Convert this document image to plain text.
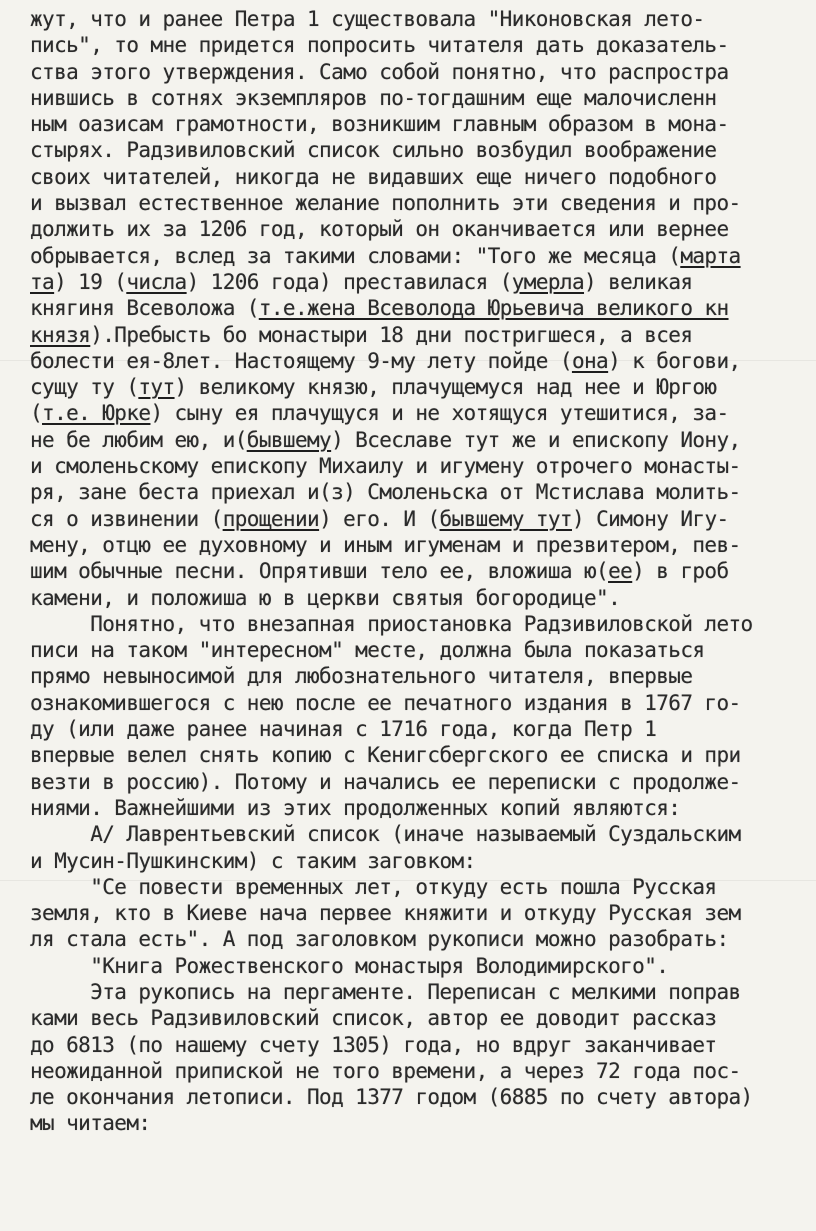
жут, что и ранее Петра 1 существовала "Никоновская лето-
пись", то мне придется попросить читателя дать доказатель-
ства этого утверждения. Само собой понятно, что распростра
нившись в сотнях экземпляров по-тогдашним еще малочисленн
ным оазисам грамотности, возникшим главным образом в мона-
стырях. Радзивиловский список сильно возбудил воображение
своих читателей, никогда не видавших еще ничего подобного
и вызвал естественное желание пополнить эти сведения и про-
должить их за 1206 год, который он оканчивается или вернее
обрывается, вслед за такими словами: "Того же месяца (марта
та) 19 (числа) 1206 года) преставилася (умерла) великая
княгиня Всеволожа (т.е.жена Всеволода Юрьевича великого кн
князя).Пребысть бо монастыри 18 дни постригшеся, а всея
болести ея-8лет. Настоящему 9-му лету пойде (она) к богови,
сущу ту (тут) великому князю, плачущемуся над нее и Юргою
(т.е. Юрке) сыну ея плачущуся и не хотящуся утешитися, за-
не бе любим ею, и(бывшему) Всеславе тут же и епископу Иону,
и смоленьскому епископу Михаилу и игумену отрочего монасты-
ря, зане беста приехал и(з) Смоленьска от Мстислава молить-
ся о извинении (прощении) его. И (бывшему тут) Симону Игу-
мену, отцю ее духовному и иным игуменам и презвитером, пев-
шим обычные песни. Опрятивши тело ее, вложиша ю(ее) в гроб
камени, и положиша ю в церкви святыя богородице".
Понятно, что внезапная приостановка Радзивиловской лето
писи на таком "интересном" месте, должна была показаться
прямо невыносимой для любознательного читателя, впервые
ознакомившегося с нею после ее печатного издания в 1767 го-
ду (или даже ранее начиная с 1716 года, когда Петр 1
впервые велел снять копию с Кенигсбергского ее списка и при
везти в россию). Потому и начались ее переписки с продолже-
ниями. Важнейшими из этих продолженных копий являются:
А/ Лаврентьевский список (иначе называемый Суздальским
и Мусин-Пушкинским) с таким заговком:
"Се повести временных лет, откуду есть пошла Русская
земля, кто в Киеве нача первее княжити и откуду Русская зем
ля стала есть". А под заголовком рукописи можно разобрать:
"Книга Рожественского монастыря Володимирского".
Эта рукопись на пергаменте. Переписан с мелкими поправ
ками весь Радзивиловский список, автор ее доводит рассказ
до 6813 (по нашему счету 1305) года, но вдруг заканчивает
неожиданной припиской не того времени, а через 72 года пос-
ле окончания летописи. Под 1377 годом (6885 по счету автора)
мы читаем:
